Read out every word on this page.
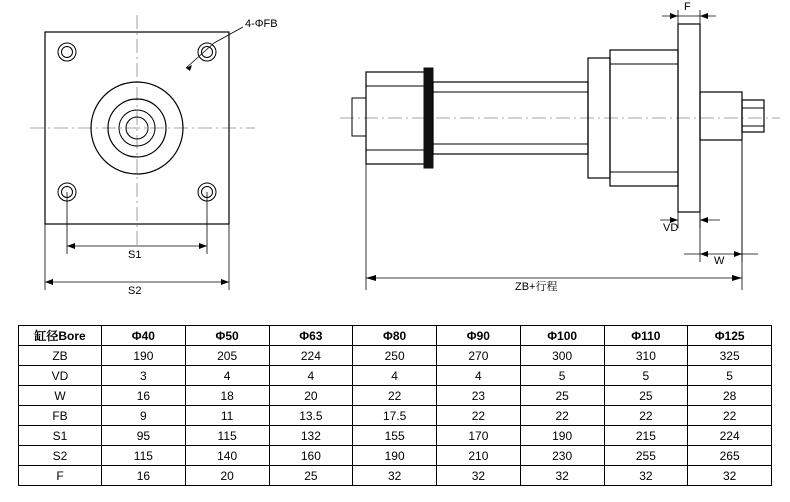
4-ΦFB
S1
S2
F
VD
W
ZB+行程
缸径Bore	Φ40	Φ50	Φ63	Φ80	Φ90	Φ100	Φ110	Φ125
ZB	190	205	224	250	270	300	310	325
VD	3	4	4	4	4	5	5	5
W	16	18	20	22	23	25	25	28
FB	9	11	13.5	17.5	22	22	22	22
S1	95	115	132	155	170	190	215	224
S2	115	140	160	190	210	230	255	265
F	16	20	25	32	32	32	32	32
